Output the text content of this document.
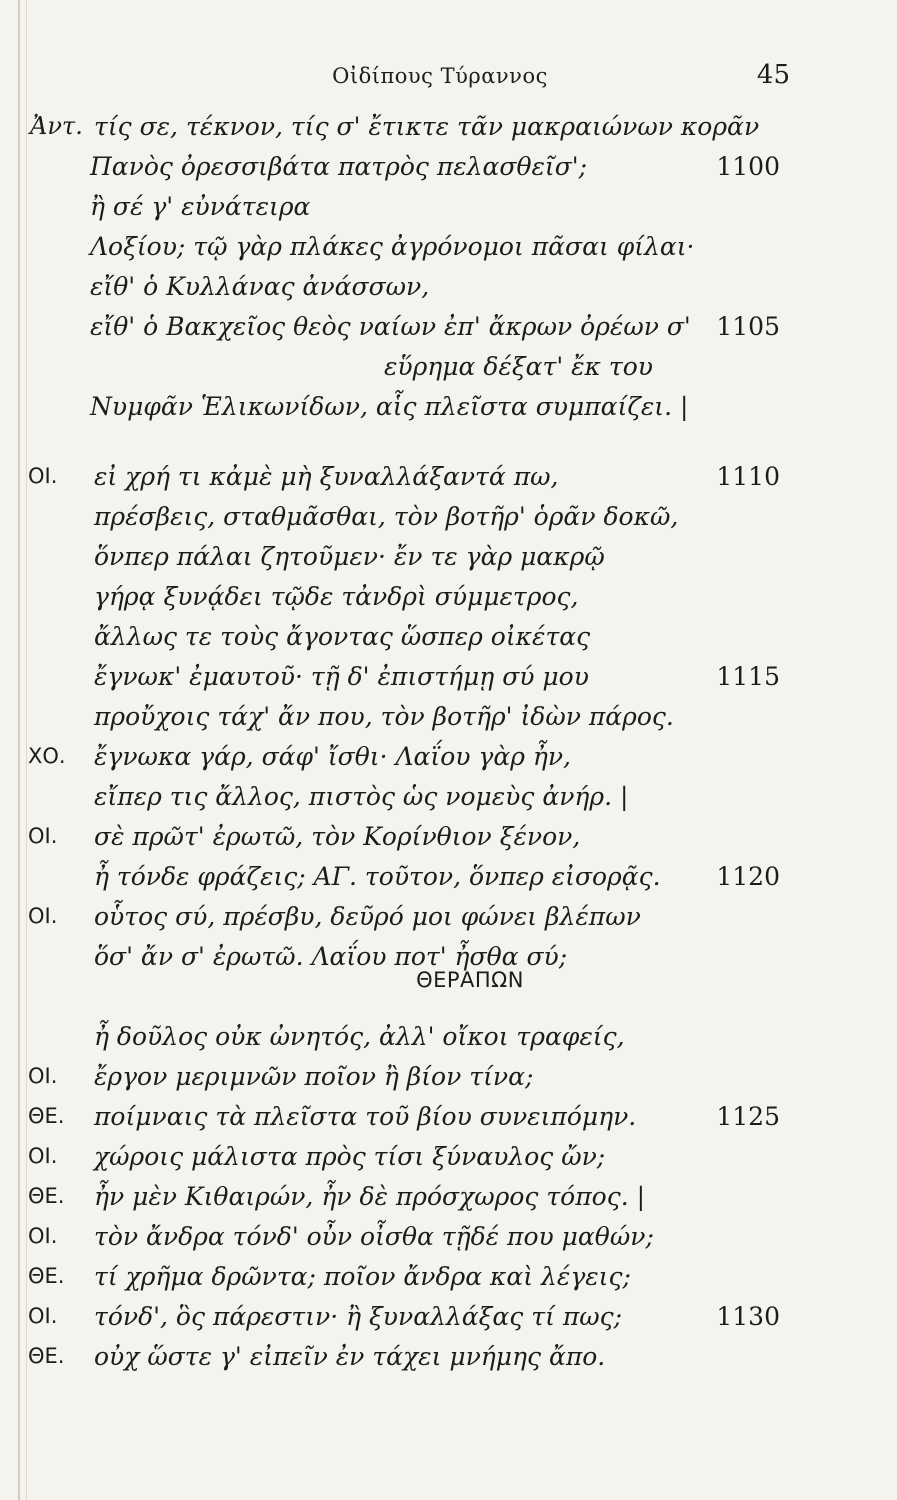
Οἰδίπους Τύραννος	45
Ἀντ. τίς σε, τέκνον, τίς σ' ἔτικτε τᾶν μακραιώνων κορᾶν
Πανὸς ὀρεσσιβάτα πατρὸς πελασθεῖσ';	1100
ἢ σέ γ' εὐνάτειρα
Λοξίου; τῷ γὰρ πλάκες ἀγρόνομοι πᾶσαι φίλαι·
εἴθ' ὁ Κυλλάνας ἀνάσσων,
εἴθ' ὁ Βακχεῖος θεὸς ναίων ἐπ' ἄκρων ὀρέων σ' 1105
εὕρημα δέξατ' ἔκ του
Νυμφᾶν Ἑλικωνίδων, αἷς πλεῖστα συμπαίζει. |
ΟΙ. εἰ χρή τι κἀμὲ μὴ ξυναλλάξαντά πω,	1110
πρέσβεις, σταθμᾶσθαι, τὸν βοτῆρ' ὁρᾶν δοκῶ,
ὅνπερ πάλαι ζητοῦμεν· ἔν τε γὰρ μακρῷ
γήρᾳ ξυνᾴδει τῷδε τἀνδρὶ σύμμετρος,
ἄλλως τε τοὺς ἄγοντας ὥσπερ οἰκέτας
ἔγνωκ' ἐμαυτοῦ· τῇ δ' ἐπιστήμῃ σύ μου	1115
προὔχοις τάχ' ἄν που, τὸν βοτῆρ' ἰδὼν πάρος.
ΧΟ. ἔγνωκα γάρ, σάφ' ἴσθι· Λαΐου γὰρ ἦν,
εἴπερ τις ἄλλος, πιστὸς ὡς νομεὺς ἀνήρ. |
ΟΙ. σὲ πρῶτ' ἐρωτῶ, τὸν Κορίνθιον ξένον,
ἦ τόνδε φράζεις; ΑΓ. τοῦτον, ὅνπερ εἰσορᾷς. 1120
ΟΙ. οὗτος σύ, πρέσβυ, δεῦρό μοι φώνει βλέπων
ὅσ' ἄν σ' ἐρωτῶ. Λαΐου ποτ' ἦσθα σύ;
ΘΕΡΑΠΩΝ
ἦ δοῦλος οὐκ ὠνητός, ἀλλ' οἴκοι τραφείς,
ΟΙ. ἔργον μεριμνῶν ποῖον ἢ βίον τίνα;
ΘΕ. ποίμναις τὰ πλεῖστα τοῦ βίου συνειπόμην.	1125
ΟΙ. χώροις μάλιστα πρὸς τίσι ξύναυλος ὤν;
ΘΕ. ἦν μὲν Κιθαιρών, ἦν δὲ πρόσχωρος τόπος. |
ΟΙ. τὸν ἄνδρα τόνδ' οὖν οἶσθα τῇδέ που μαθών;
ΘΕ. τί χρῆμα δρῶντα; ποῖον ἄνδρα καὶ λέγεις;
ΟΙ. τόνδ', ὃς πάρεστιν· ἢ ξυναλλάξας τί πως;	1130
ΘΕ. οὐχ ὥστε γ' εἰπεῖν ἐν τάχει μνήμης ἄπο.
